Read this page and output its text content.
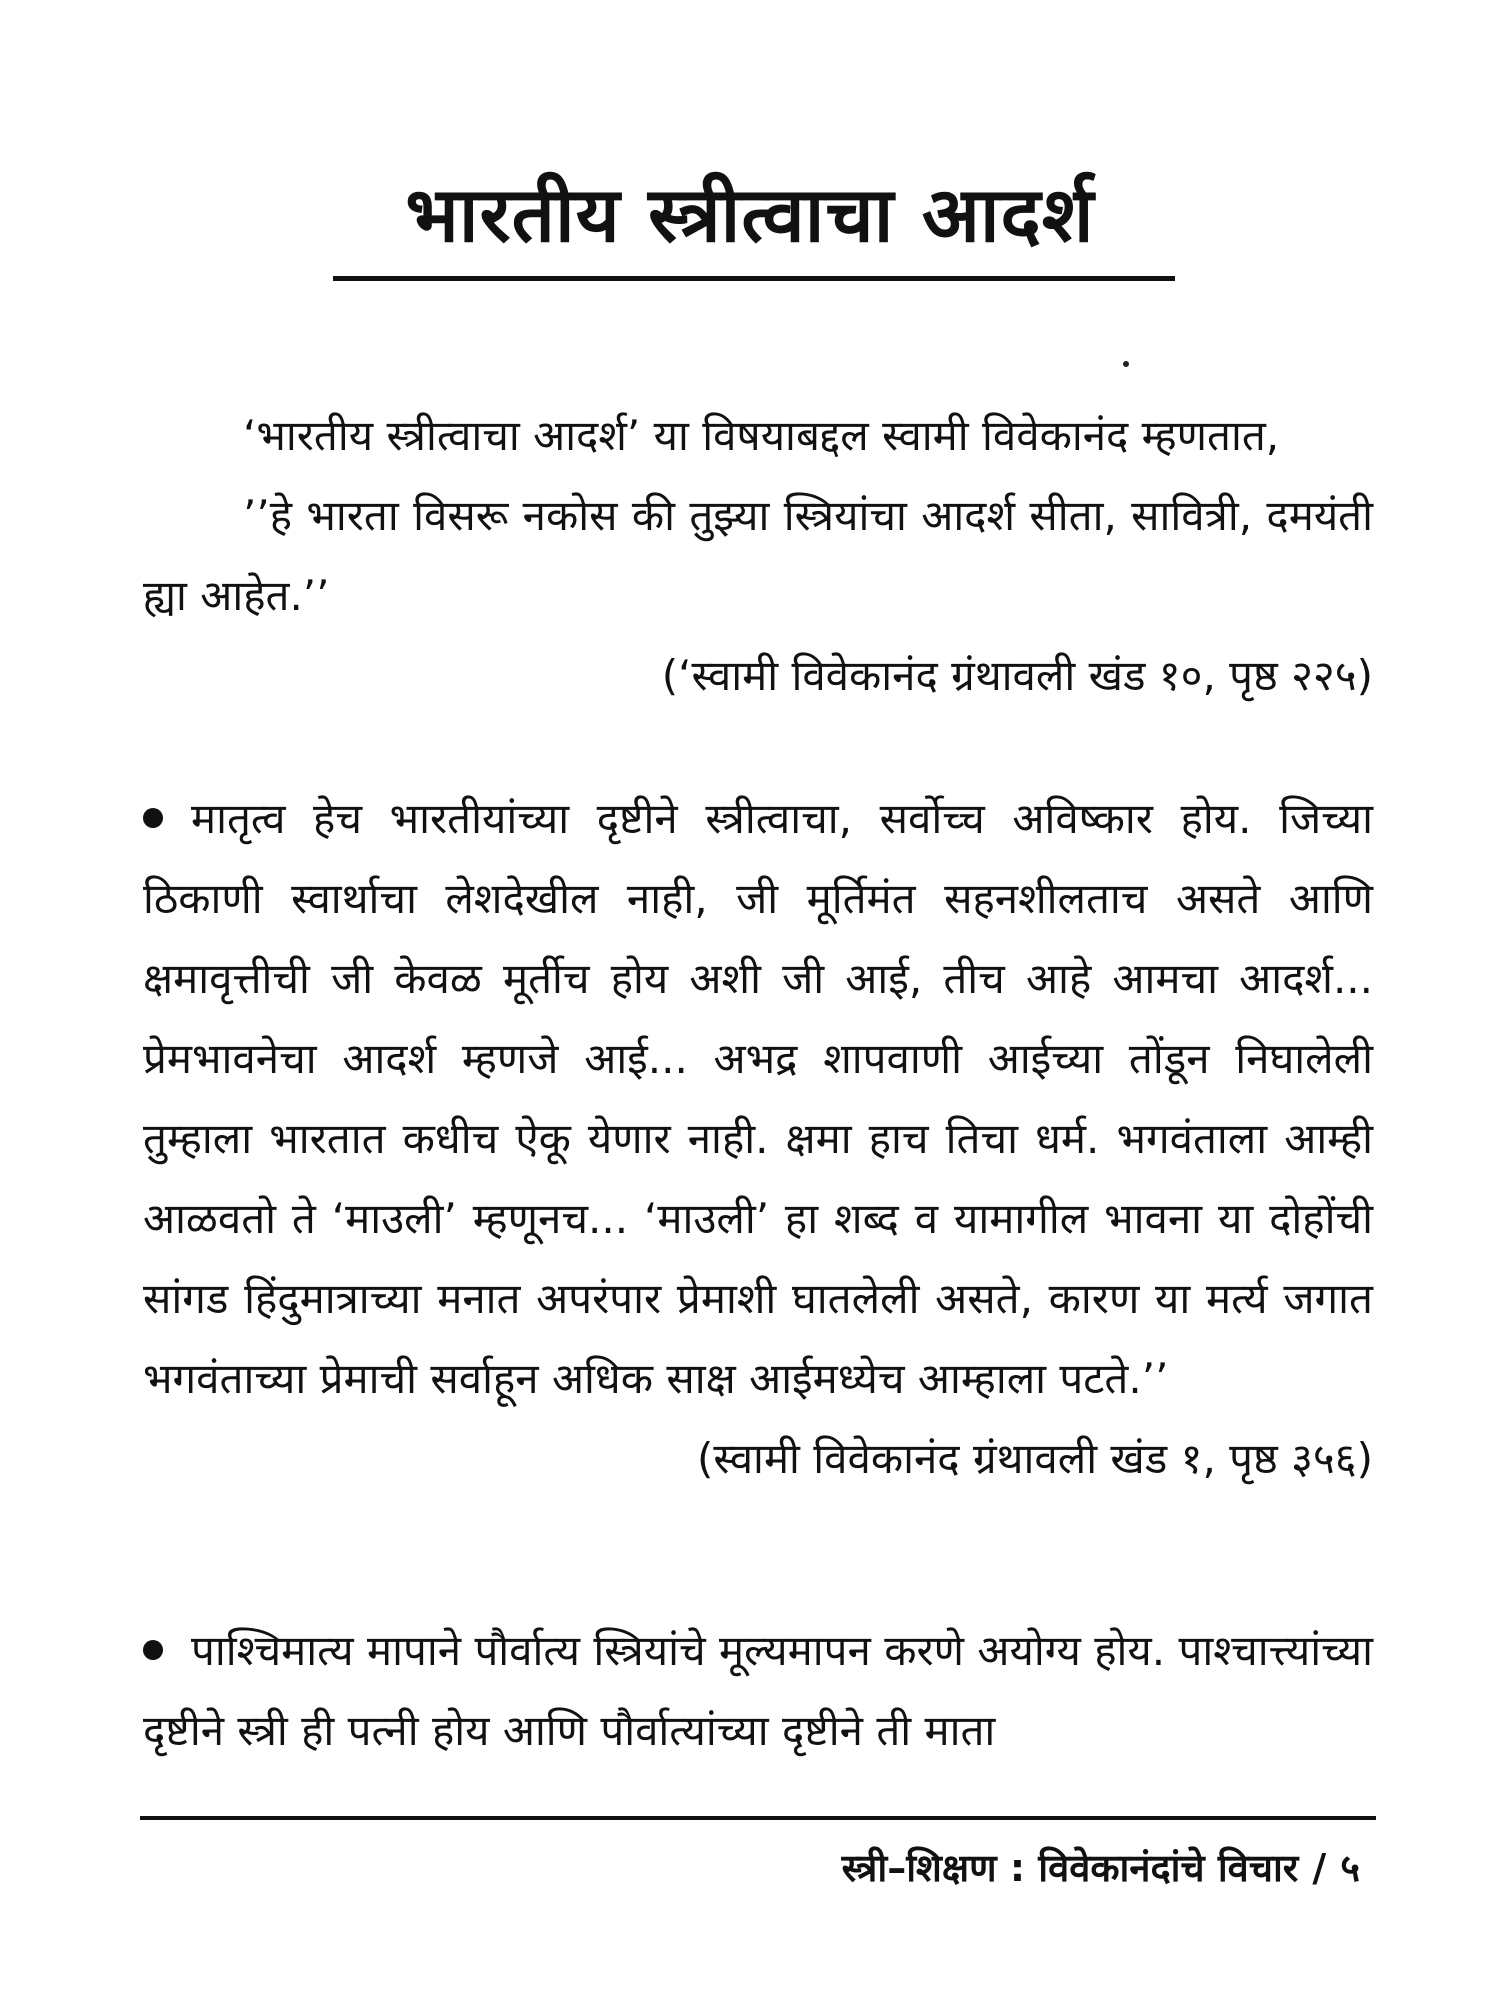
भारतीय स्त्रीत्वाचा आदर्श

‘भारतीय स्त्रीत्वाचा आदर्श’ या विषयाबद्दल स्वामी विवेकानंद म्हणतात,

’’हे भारता विसरू नकोस की तुझ्या स्त्रियांचा आदर्श सीता, सावित्री, दमयंती ह्या आहेत.’’

(‘स्वामी विवेकानंद ग्रंथावली खंड १०, पृष्ठ २२५)

मातृत्व हेच भारतीयांच्या दृष्टीने स्त्रीत्वाचा, सर्वोच्च अविष्कार होय. जिच्या ठिकाणी स्वार्थाचा लेशदेखील नाही, जी मूर्तिमंत सहनशीलताच असते आणि क्षमावृत्तीची जी केवळ मूर्तीच होय अशी जी आई, तीच आहे आमचा आदर्श... प्रेमभावनेचा आदर्श म्हणजे आई... अभद्र शापवाणी आईच्या तोंडून निघालेली तुम्हाला भारतात कधीच ऐकू येणार नाही. क्षमा हाच तिचा धर्म. भगवंताला आम्ही आळवतो ते ‘माउली’ म्हणूनच... ‘माउली’ हा शब्द व यामागील भावना या दोहोंची सांगड हिंदुमात्राच्या मनात अपरंपार प्रेमाशी घातलेली असते, कारण या मर्त्य जगात भगवंताच्या प्रेमाची सर्वाहून अधिक साक्ष आईमध्येच आम्हाला पटते.’’

(स्वामी विवेकानंद ग्रंथावली खंड १, पृष्ठ ३५६)

पाश्चिमात्य मापाने पौर्वात्य स्त्रियांचे मूल्यमापन करणे अयोग्य होय. पाश्चात्त्यांच्या दृष्टीने स्त्री ही पत्नी होय आणि पौर्वात्यांच्या दृष्टीने ती माता

स्त्री–शिक्षण : विवेकानंदांचे विचार / ५
